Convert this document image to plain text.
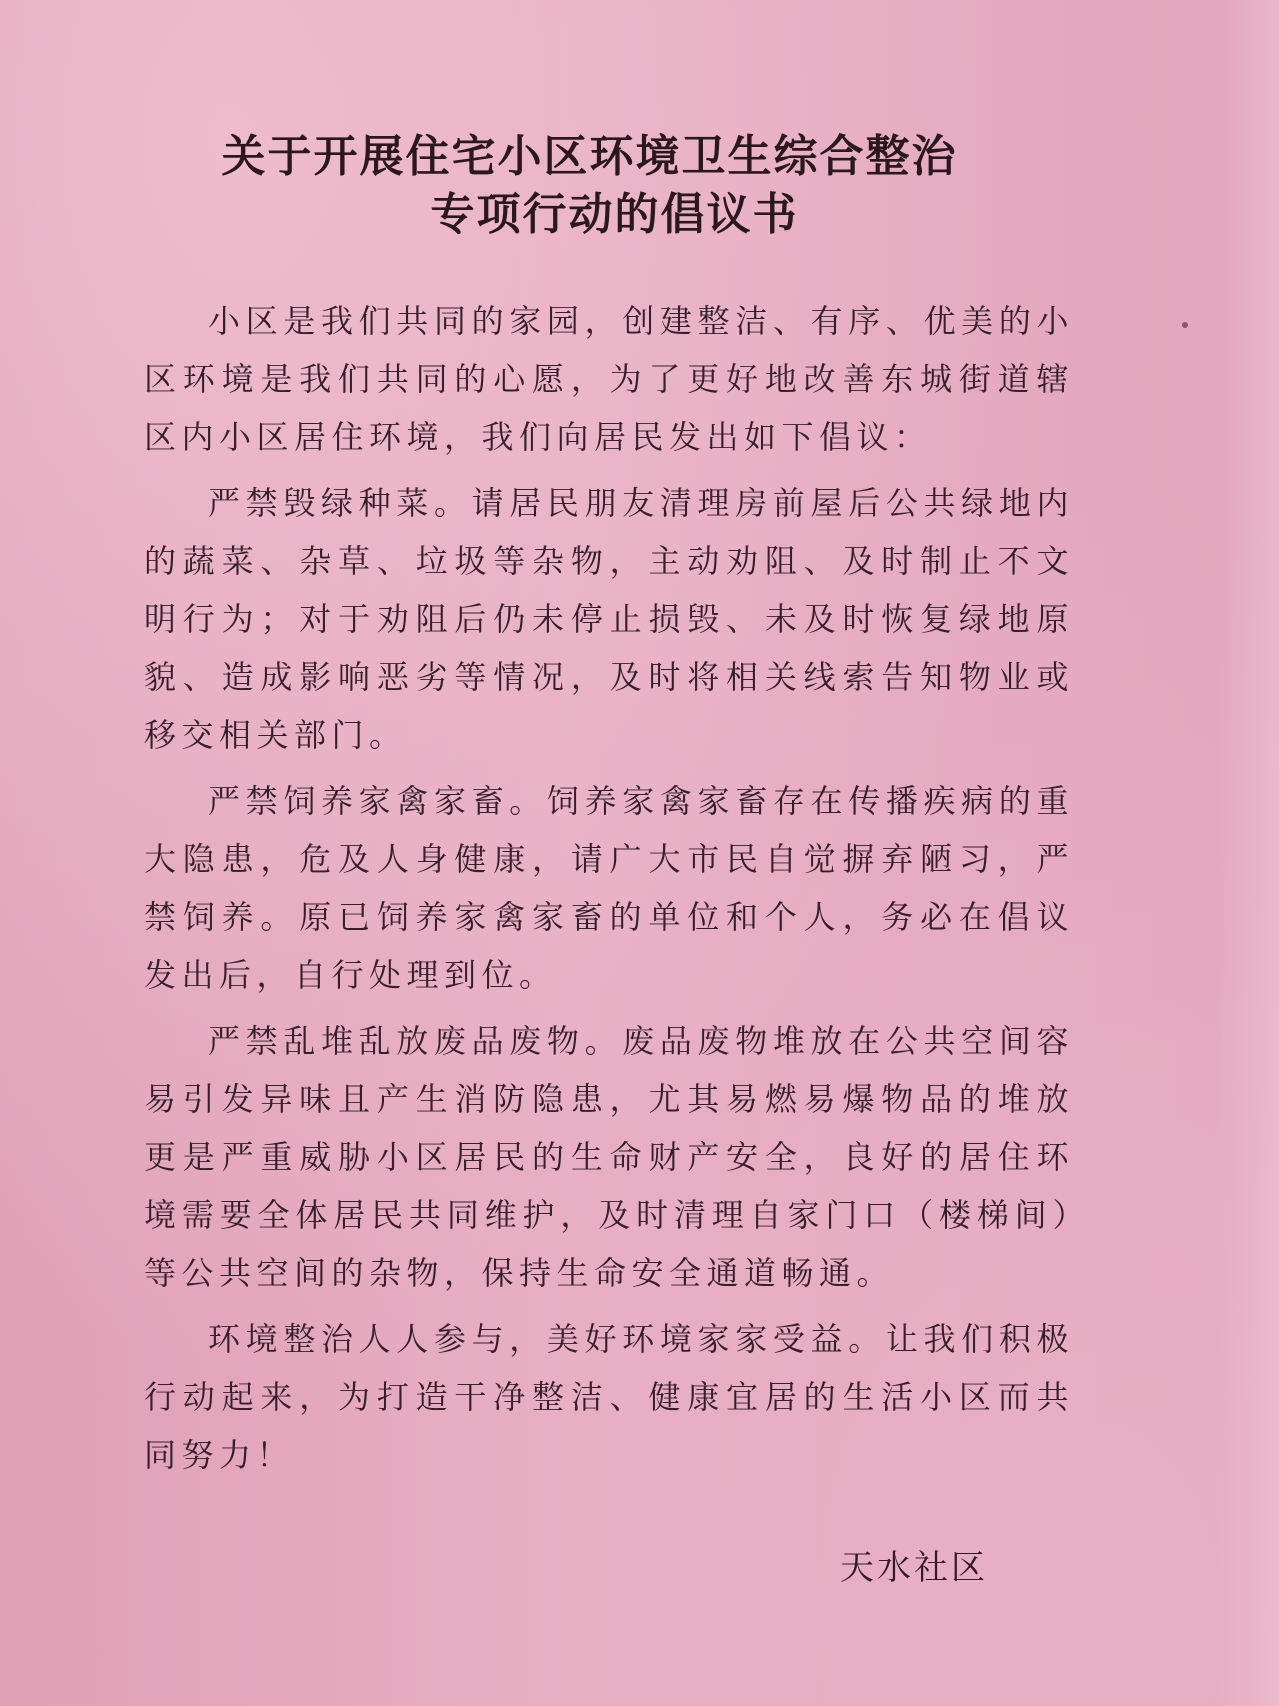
关于开展住宅小区环境卫生综合整治
专项行动的倡议书

小区是我们共同的家园，创建整洁、有序、优美的小区环境是我们共同的心愿，为了更好地改善东城街道辖区内小区居住环境，我们向居民发出如下倡议：

严禁毁绿种菜。请居民朋友清理房前屋后公共绿地内的蔬菜、杂草、垃圾等杂物，主动劝阻、及时制止不文明行为；对于劝阻后仍未停止损毁、未及时恢复绿地原貌、造成影响恶劣等情况，及时将相关线索告知物业或移交相关部门。

严禁饲养家禽家畜。饲养家禽家畜存在传播疾病的重大隐患，危及人身健康，请广大市民自觉摒弃陋习，严禁饲养。原已饲养家禽家畜的单位和个人，务必在倡议发出后，自行处理到位。

严禁乱堆乱放废品废物。废品废物堆放在公共空间容易引发异味且产生消防隐患，尤其易燃易爆物品的堆放更是严重威胁小区居民的生命财产安全，良好的居住环境需要全体居民共同维护，及时清理自家门口（楼梯间）等公共空间的杂物，保持生命安全通道畅通。

环境整治人人参与，美好环境家家受益。让我们积极行动起来，为打造干净整洁、健康宜居的生活小区而共同努力！

天水社区
